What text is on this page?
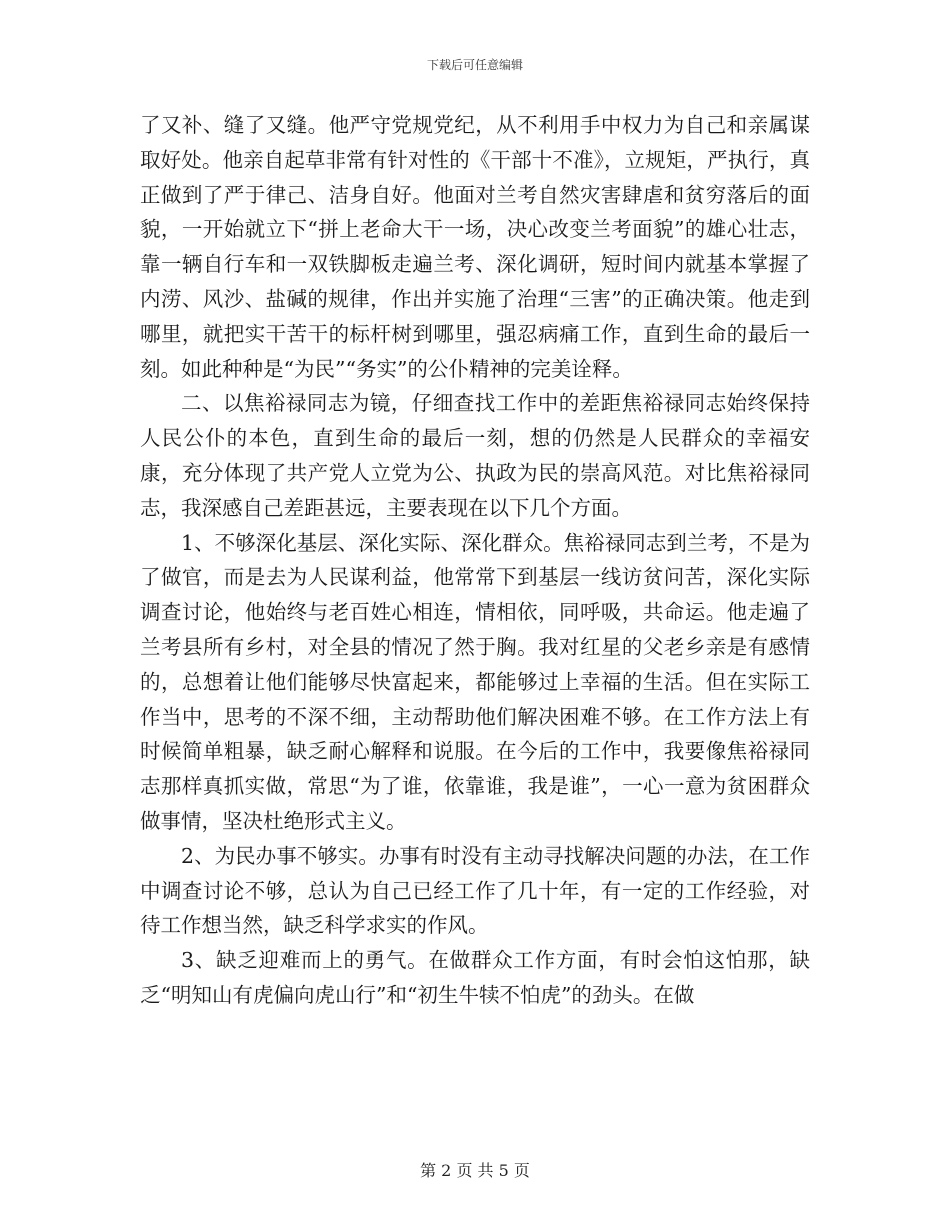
下载后可任意编辑

了又补、缝了又缝。他严守党规党纪，从不利用手中权力为自己和亲属谋取好处。他亲自起草非常有针对性的《干部十不准》，立规矩，严执行，真正做到了严于律己、洁身自好。他面对兰考自然灾害肆虐和贫穷落后的面貌，一开始就立下“拼上老命大干一场，决心改变兰考面貌”的雄心壮志，靠一辆自行车和一双铁脚板走遍兰考、深化调研，短时间内就基本掌握了内涝、风沙、盐碱的规律，作出并实施了治理“三害”的正确决策。他走到哪里，就把实干苦干的标杆树到哪里，强忍病痛工作，直到生命的最后一刻。如此种种是“为民”“务实”的公仆精神的完美诠释。

二、以焦裕禄同志为镜，仔细查找工作中的差距焦裕禄同志始终保持人民公仆的本色，直到生命的最后一刻，想的仍然是人民群众的幸福安康，充分体现了共产党人立党为公、执政为民的崇高风范。对比焦裕禄同志，我深感自己差距甚远，主要表现在以下几个方面。

1、不够深化基层、深化实际、深化群众。焦裕禄同志到兰考，不是为了做官，而是去为人民谋利益，他常常下到基层一线访贫问苦，深化实际调查讨论，他始终与老百姓心相连，情相依，同呼吸，共命运。他走遍了兰考县所有乡村，对全县的情况了然于胸。我对红星的父老乡亲是有感情的，总想着让他们能够尽快富起来，都能够过上幸福的生活。但在实际工作当中，思考的不深不细，主动帮助他们解决困难不够。在工作方法上有时候简单粗暴，缺乏耐心解释和说服。在今后的工作中，我要像焦裕禄同志那样真抓实做，常思“为了谁，依靠谁，我是谁”，一心一意为贫困群众做事情，坚决杜绝形式主义。

2、为民办事不够实。办事有时没有主动寻找解决问题的办法，在工作中调查讨论不够，总认为自己已经工作了几十年，有一定的工作经验，对待工作想当然，缺乏科学求实的作风。

3、缺乏迎难而上的勇气。在做群众工作方面，有时会怕这怕那，缺乏“明知山有虎偏向虎山行”和“初生牛犊不怕虎”的劲头。在做

第 2 页 共 5 页
